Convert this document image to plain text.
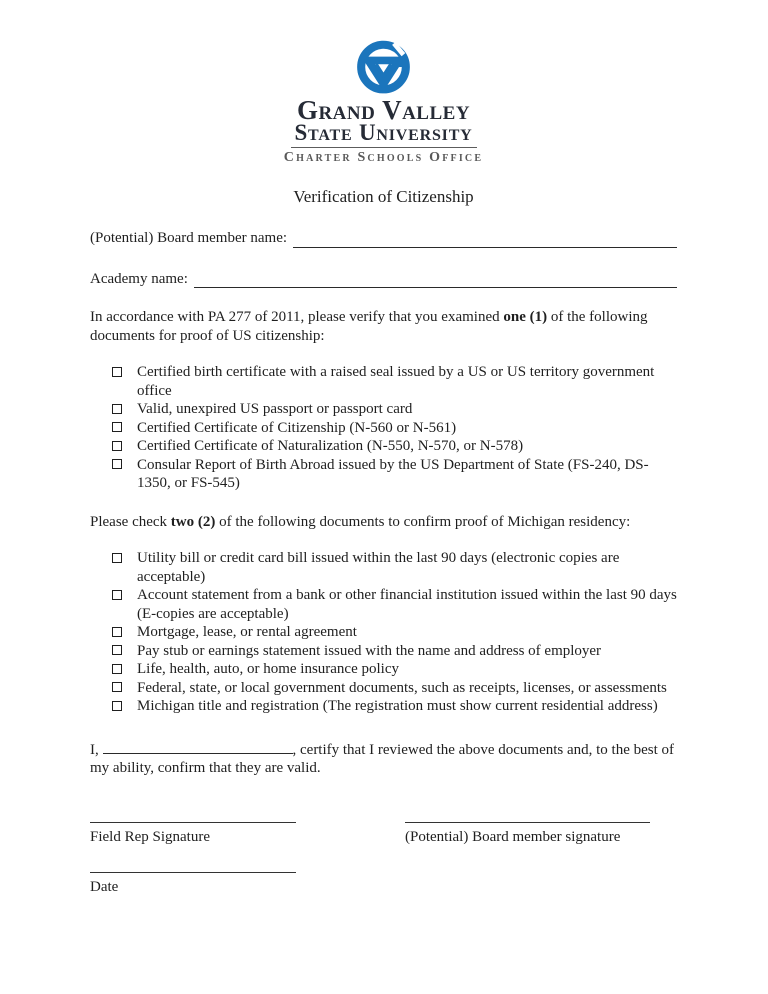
Grand Valley
State University
Charter Schools Office
Verification of Citizenship
(Potential) Board member name:
Academy name:

In accordance with PA 277 of 2011, please verify that you examined one (1) of the following documents for proof of US citizenship:

Certified birth certificate with a raised seal issued by a US or US territory government office
Valid, unexpired US passport or passport card
Certified Certificate of Citizenship (N-560 or N-561)
Certified Certificate of Naturalization (N-550, N-570, or N-578)
Consular Report of Birth Abroad issued by the US Department of State (FS-240, DS-1350, or FS-545)

Please check two (2) of the following documents to confirm proof of Michigan residency:

Utility bill or credit card bill issued within the last 90 days (electronic copies are acceptable)
Account statement from a bank or other financial institution issued within the last 90 days (E-copies are acceptable)
Mortgage, lease, or rental agreement
Pay stub or earnings statement issued with the name and address of employer
Life, health, auto, or home insurance policy
Federal, state, or local government documents, such as receipts, licenses, or assessments
Michigan title and registration (The registration must show current residential address)

I,	, certify that I reviewed the above documents and, to the best of my ability, confirm that they are valid.

Field Rep Signature	(Potential) Board member signature
Date
